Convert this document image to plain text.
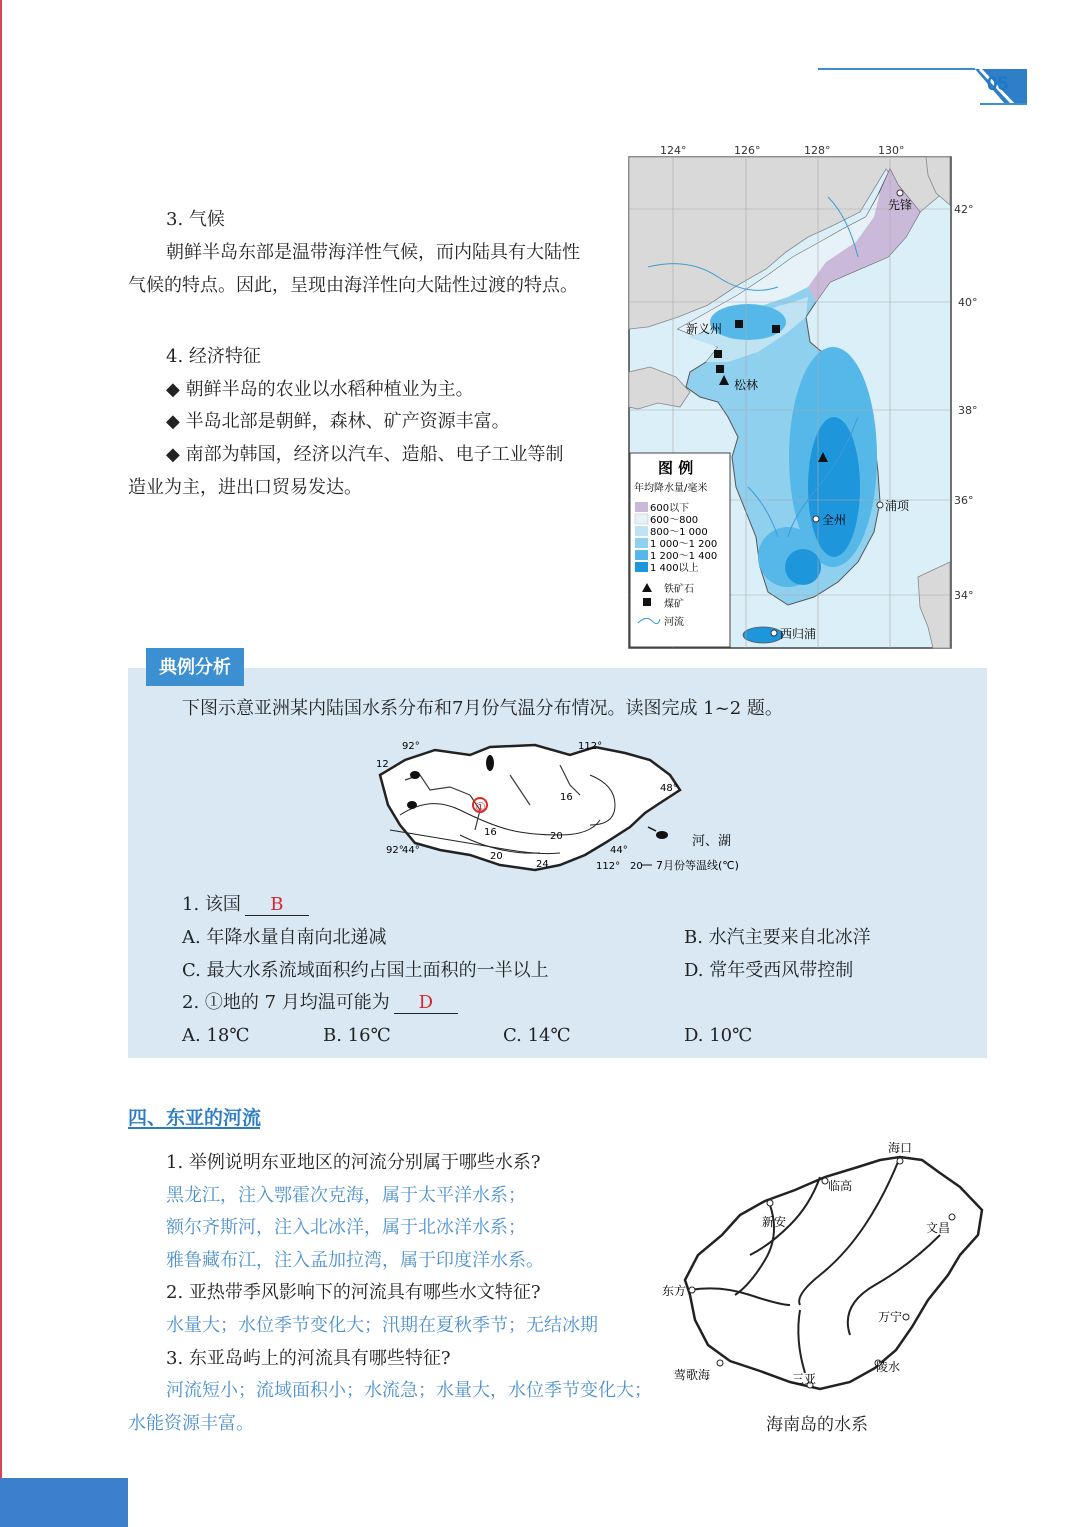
05
3. 气候
朝鲜半岛东部是温带海洋性气候，而内陆具有大陆性
气候的特点。因此，呈现由海洋性向大陆性过渡的特点。
4. 经济特征
◆ 朝鲜半岛的农业以水稻种植业为主。
◆ 半岛北部是朝鲜，森林、矿产资源丰富。
◆ 南部为韩国，经济以汽车、造船、电子工业等制
造业为主，进出口贸易发达。
124°	126°	128°	130°
先锋
新义州
松林
浦项
全州
西归浦
图 例
年均降水量/毫米
600以下
600～800
800～1 000
1 000～1 200
1 200～1 400
1 400以上
铁矿石
煤矿
河流
42°
40°
38°
36°
34°
典例分析
下图示意亚洲某内陆国水系分布和7月份气温分布情况。读图完成 1~2 题。
①
92°	112°
48°
44°
92°
44°
112°
12
16
16	20
20
24
河、湖
20 7月份等温线(℃)
1. 该国 B
A. 年降水量自南向北递减	B. 水汽主要来自北冰洋
C. 最大水系流域面积约占国土面积的一半以上	D. 常年受西风带控制
2. ①地的 7 月均温可能为 D
A. 18℃	B. 16℃	C. 14℃	D. 10℃
四、东亚的河流
1. 举例说明东亚地区的河流分别属于哪些水系?
黑龙江，注入鄂霍次克海，属于太平洋水系；
额尔齐斯河，注入北冰洋，属于北冰洋水系；
雅鲁藏布江，注入孟加拉湾，属于印度洋水系。
2. 亚热带季风影响下的河流具有哪些水文特征?
水量大；水位季节变化大；汛期在夏秋季节；无结冰期
3. 东亚岛屿上的河流具有哪些特征?
河流短小；流域面积小；水流急；水量大，水位季节变化大；
水能资源丰富。
海口
临高
新安	文昌
东方
万宁
陵水
三亚
莺歌海
海南岛的水系
